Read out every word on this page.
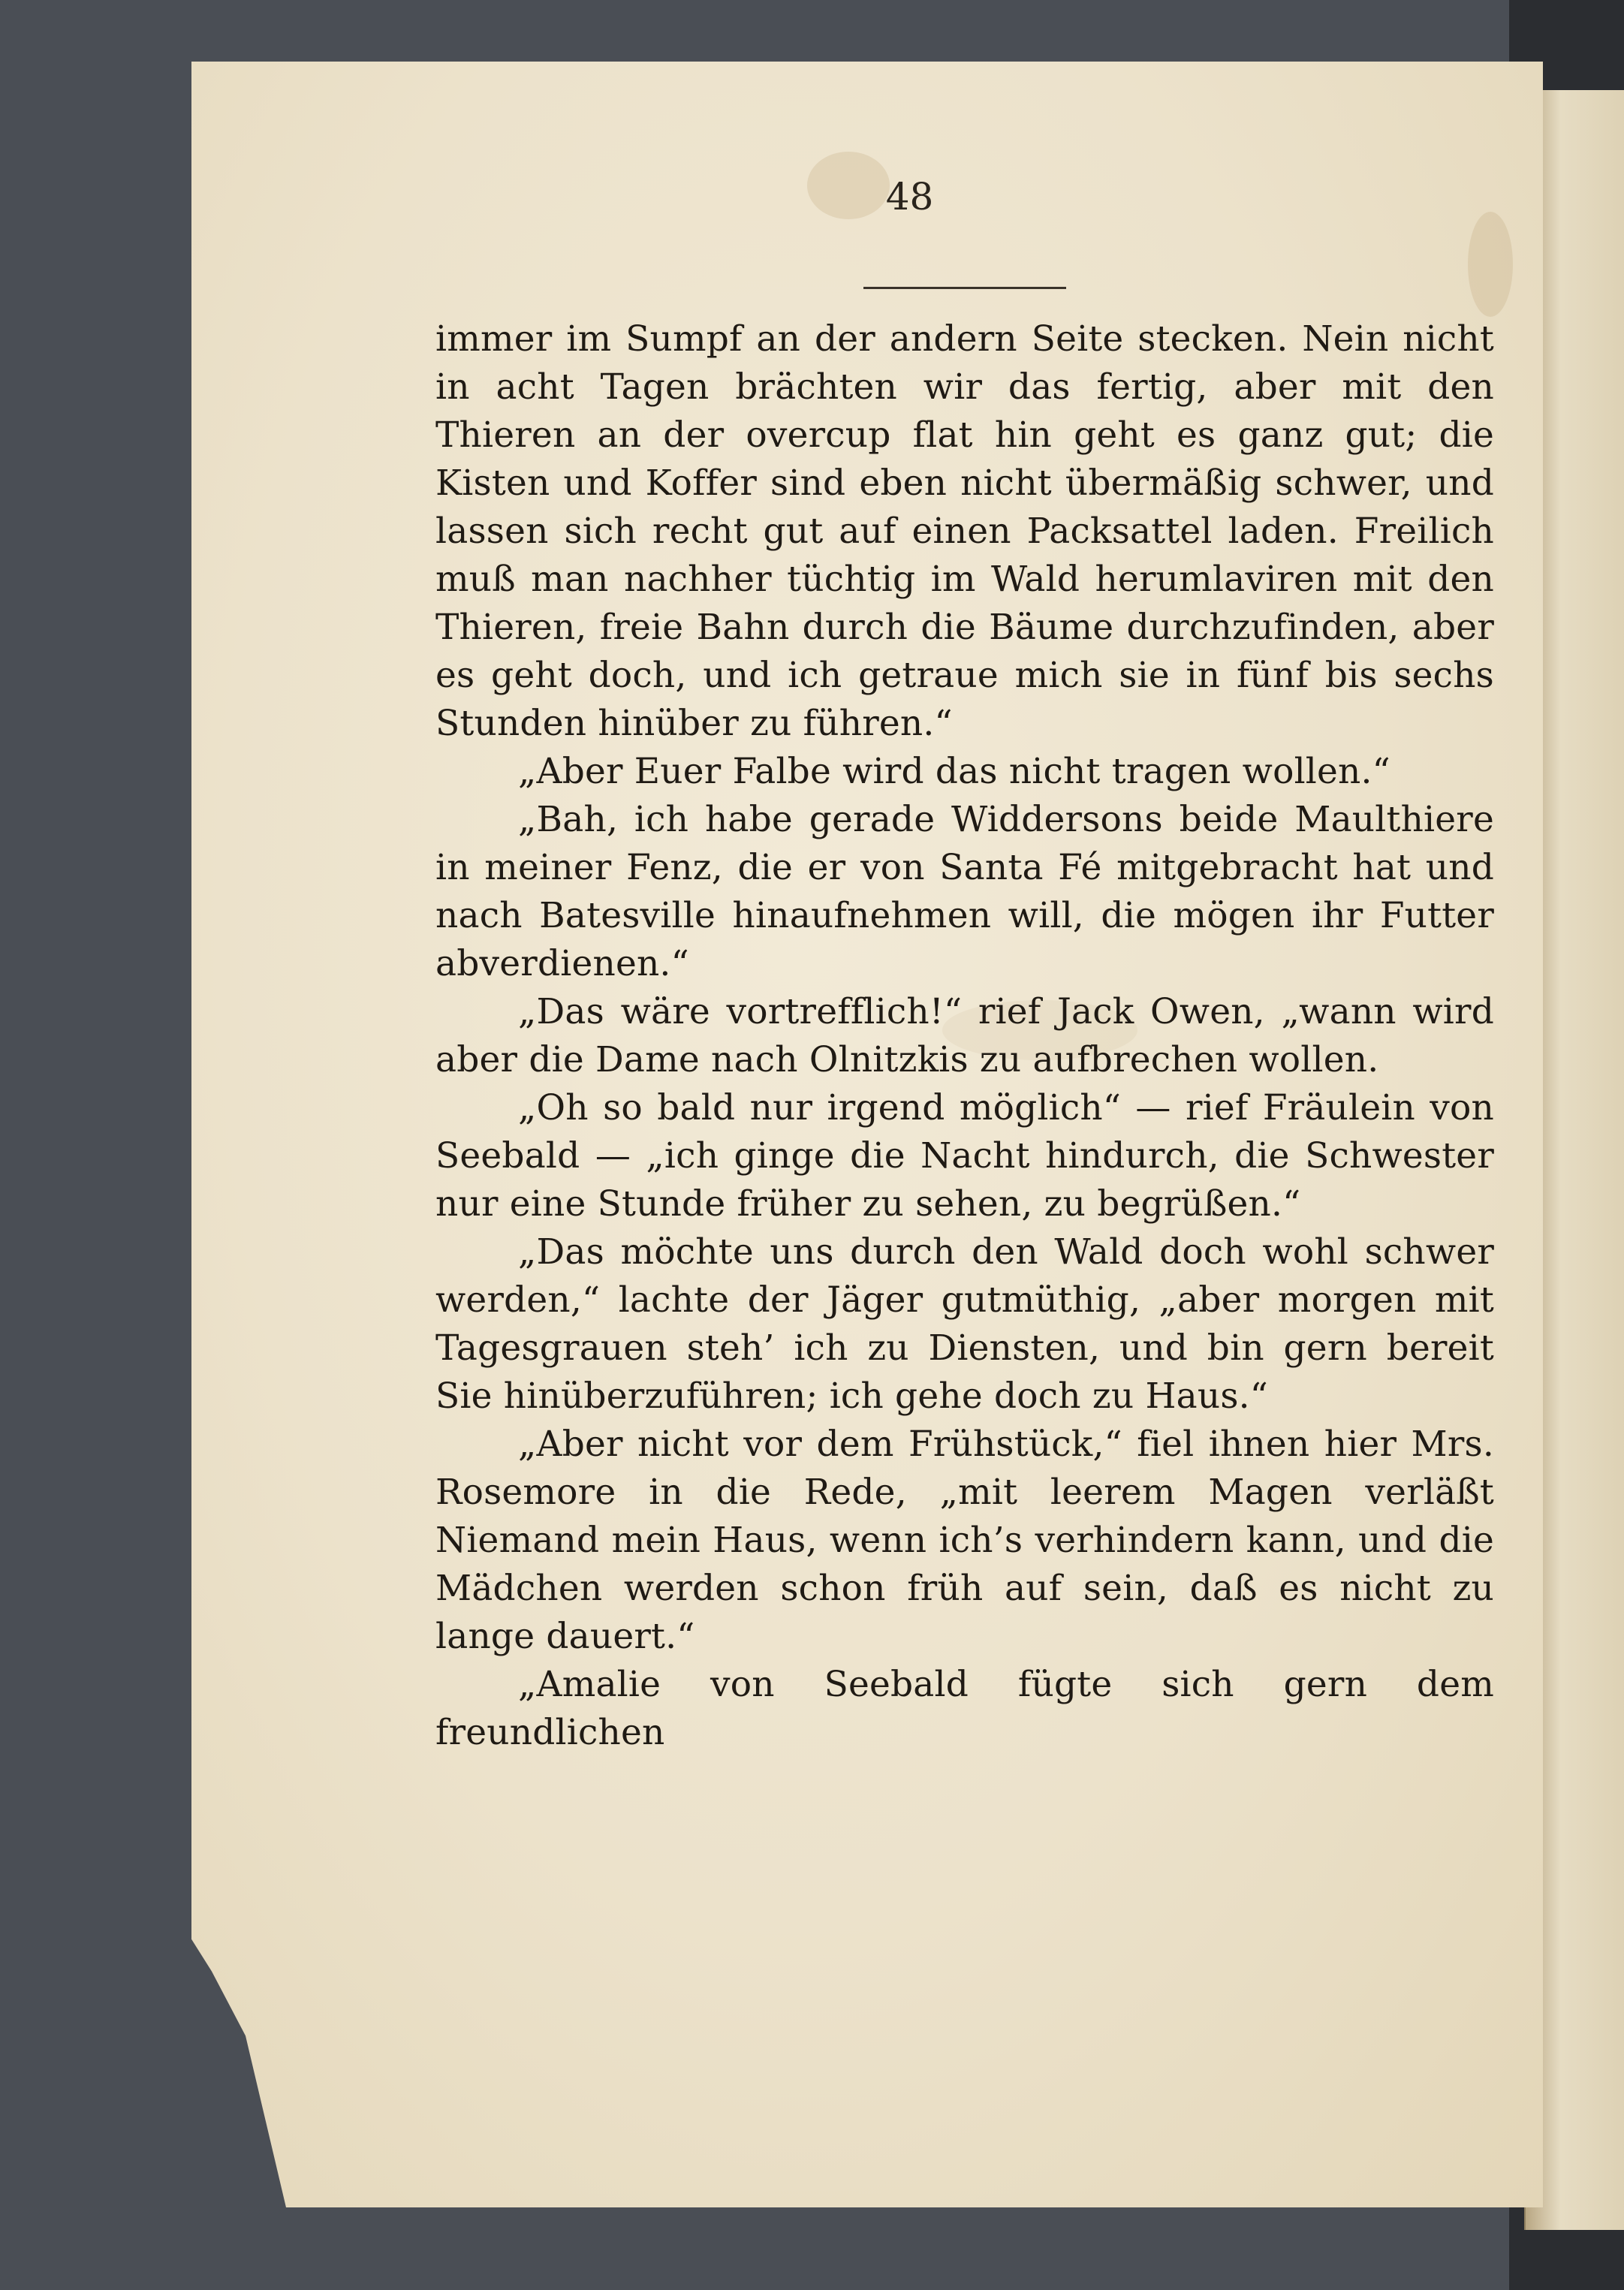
48

immer im Sumpf an der andern Seite stecken. Nein nicht in acht Tagen brächten wir das fertig, aber mit den Thieren an der overcup flat hin geht es ganz gut; die Kisten und Koffer sind eben nicht übermäßig schwer, und lassen sich recht gut auf einen Packsattel laden. Freilich muß man nachher tüchtig im Wald herumlaviren mit den Thieren, freie Bahn durch die Bäume durchzufinden, aber es geht doch, und ich getraue mich sie in fünf bis sechs Stunden hinüber zu führen.“

„Aber Euer Falbe wird das nicht tragen wollen.“

„Bah, ich habe gerade Widdersons beide Maulthiere in meiner Fenz, die er von Santa Fé mitgebracht hat und nach Batesville hinaufnehmen will, die mögen ihr Futter abverdienen.“

„Das wäre vortrefflich!“ rief Jack Owen, „wann wird aber die Dame nach Olnitzkis zu aufbrechen wollen.

„Oh so bald nur irgend möglich“ — rief Fräulein von Seebald — „ich ginge die Nacht hindurch, die Schwester nur eine Stunde früher zu sehen, zu begrüßen.“

„Das möchte uns durch den Wald doch wohl schwer werden,“ lachte der Jäger gutmüthig, „aber morgen mit Tagesgrauen steh’ ich zu Diensten, und bin gern bereit Sie hinüberzuführen; ich gehe doch zu Haus.“

„Aber nicht vor dem Frühstück,“ fiel ihnen hier Mrs. Rosemore in die Rede, „mit leerem Magen verläßt Niemand mein Haus, wenn ich’s verhindern kann, und die Mädchen werden schon früh auf sein, daß es nicht zu lange dauert.“

„Amalie von Seebald fügte sich gern dem freundlichen
